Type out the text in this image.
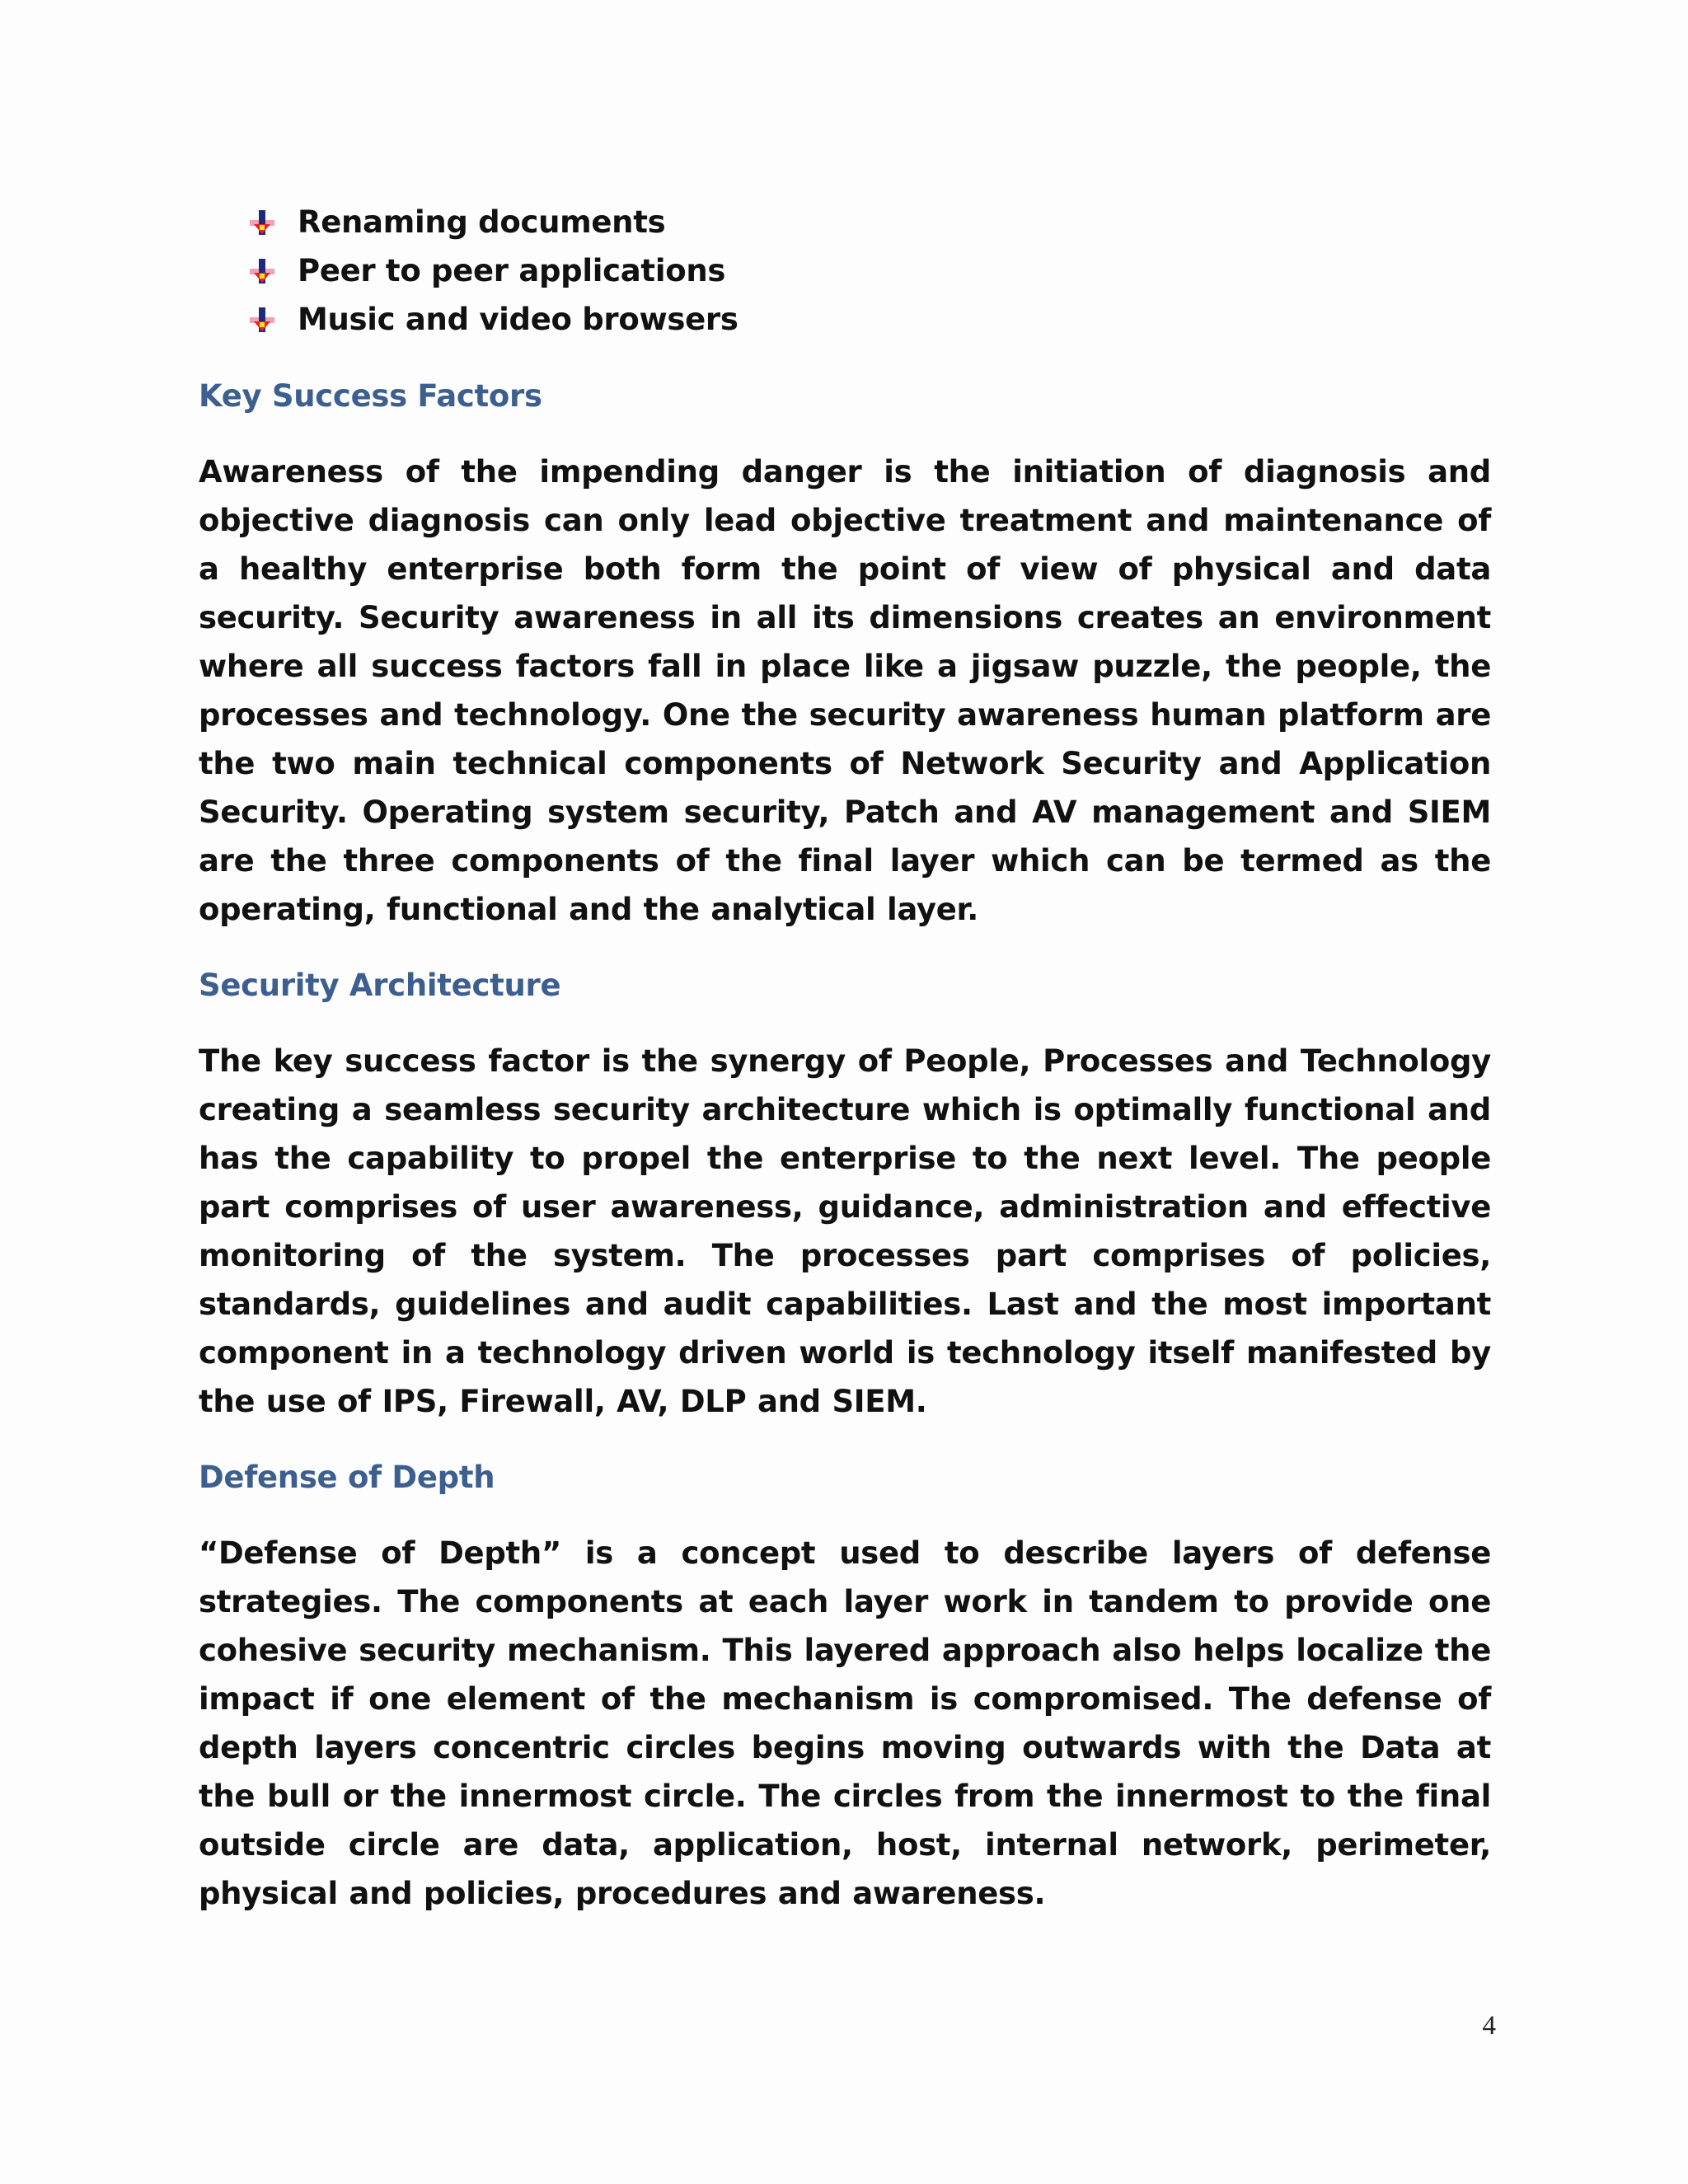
Renaming documents
Peer to peer applications
Music and video browsers
Key Success Factors

Awareness of the impending danger is the initiation of diagnosis and objective diagnosis can only lead objective treatment and maintenance of a healthy enterprise both form the point of view of physical and data security. Security awareness in all its dimensions creates an environment where all success factors fall in place like a jigsaw puzzle, the people, the processes and technology. One the security awareness human platform are the two main technical components of Network Security and Application Security. Operating system security, Patch and AV management and SIEM are the three components of the final layer which can be termed as the operating, functional and the analytical layer.

Security Architecture

The key success factor is the synergy of People, Processes and Technology creating a seamless security architecture which is optimally functional and has the capability to propel the enterprise to the next level. The people part comprises of user awareness, guidance, administration and effective monitoring of the system. The processes part comprises of policies, standards, guidelines and audit capabilities. Last and the most important component in a technology driven world is technology itself manifested by the use of IPS, Firewall, AV, DLP and SIEM.

Defense of Depth

“Defense of Depth” is a concept used to describe layers of defense strategies. The components at each layer work in tandem to provide one cohesive security mechanism. This layered approach also helps localize the impact if one element of the mechanism is compromised. The defense of depth layers concentric circles begins moving outwards with the Data at the bull or the innermost circle. The circles from the innermost to the final outside circle are data, application, host, internal network, perimeter, physical and policies, procedures and awareness.

4
